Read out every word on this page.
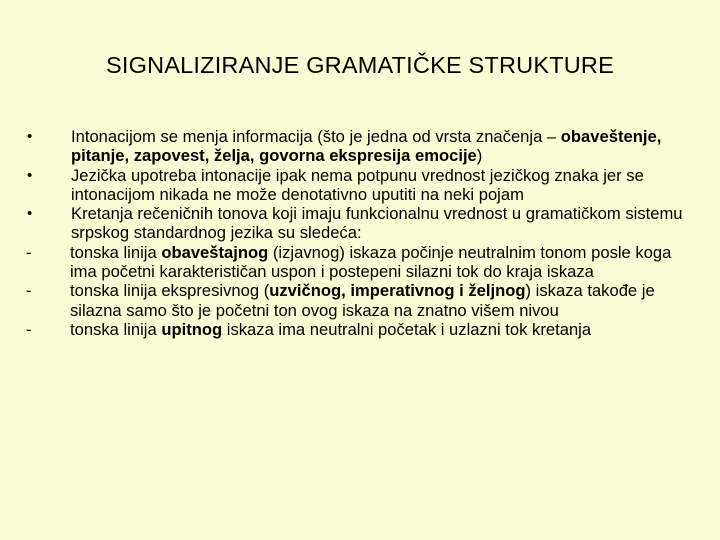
SIGNALIZIRANJE GRAMATIČKE STRUKTURE
•	Intonacijom se menja informacija (što je jedna od vrsta značenja – obaveštenje, pitanje, zapovest, želja, govorna ekspresija emocije)
•	Jezička upotreba intonacije ipak nema potpunu vrednost jezičkog znaka jer se intonacijom nikada ne može denotativno uputiti na neki pojam
•	Kretanja rečeničnih tonova koji imaju funkcionalnu vrednost u gramatičkom sistemu srpskog standardnog jezika su sledeća:
-	tonska linija obaveštajnog (izjavnog) iskaza počinje neutralnim tonom posle koga ima početni karakterističan uspon i postepeni silazni tok do kraja iskaza
-	tonska linija ekspresivnog (uzvičnog, imperativnog i željnog) iskaza takođe je silazna samo što je početni ton ovog iskaza na znatno višem nivou
-	tonska linija upitnog iskaza ima neutralni početak i uzlazni tok kretanja
